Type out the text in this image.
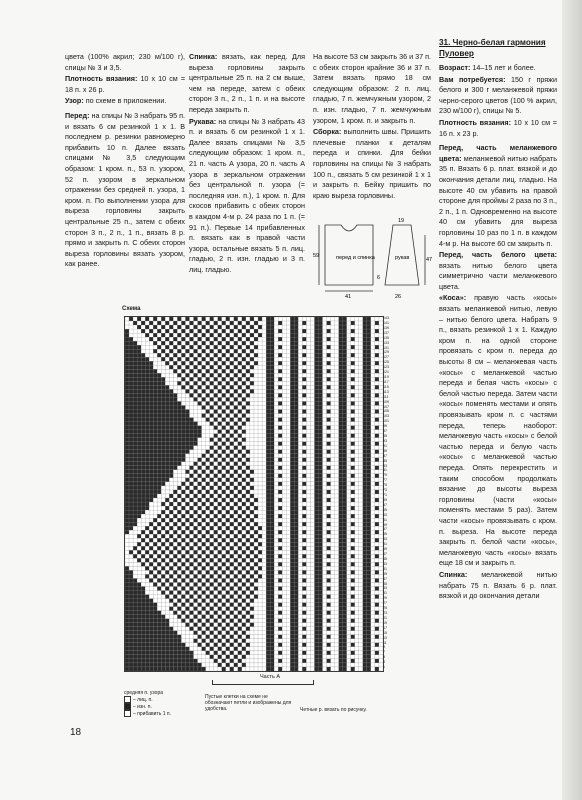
цвета (100% акрил; 230 м/100 г), спицы № 3 и 3,5.

Плотность вязания: 10 х 10 см = 18 п. х 26 р.

Узор: по схеме в приложении.

Перед: на спицы № 3 набрать 95 п. и вязать 6 см резинкой 1 х 1. В последнем р. резинки равномерно прибавить 10 п. Далее вязать спицами № 3,5 следующим образом: 1 кром. п., 53 п. узором, 52 п. узором в зеркальном отражении без средней п. узора, 1 кром. п. По выполнении узора для вырезa горловины закрыть центральные 25 п., затем с обеих сторон 3 п., 2 п., 1 п., вязать 8 р. прямо и закрыть п. С обеих сторон выреза горловины вязать узором, как ранее.

Спинка: вязать, как перед. Для выреза горловины закрыть центральные 25 п. на 2 см выше, чем на переде, затем с обеих сторон 3 п., 2 п., 1 п. и на высоте переда закрыть п.

Рукава: на спицы № 3 набрать 43 п. и вязать 6 см резинкой 1 х 1. Далее вязать спицами № 3,5 следующим образом: 1 кром. п., 21 п. часть А узора, 20 п. часть А узора в зеркальном отражении без центральной п. узора (= последняя изн. п.), 1 кром. п. Для скосов прибавить с обеих сторон в каждом 4-м р. 24 раза по 1 п. (= 91 п.). Первые 14 прибавленных п. вязать как в правой части узора, остальные вязать 5 п. лиц. гладью, 2 п. изн. гладью и 3 п. лиц. гладью.

На высоте 53 см закрыть 36 и 37 п. с обеих сторон крайние 36 и 37 п. Затем вязать прямо 18 см следующим образом: 2 п. лиц. гладью, 7 п. жемчужным узором, 2 п. изн. гладью, 7 п. жемчужным узором, 1 кром. п. и закрыть п.

Сборка: выполнить швы. Пришить плечевые планки к деталям переда и спинки. Для бейки горловины на спицы № 3 набрать 100 п., связать 5 см резинкой 1 х 1 и закрыть п. Бейку пришить по краю выреза горловины.

перед и спинка	рукав
59
41
19
6
47
26
31. Черно-белая гармония
Пуловер

Возраст: 14–15 лет и более.

Вам потребуется: 150 г пряжи белого и 300 г меланжевой пряжи черно-серого цветов (100 % акрил, 230 м/100 г), спицы № 5.

Плотность вязания: 10 х 10 см = 16 п. х 23 р.

Перед, часть меланжевого цвета: меланжевой нитью набрать 35 п. Вязать 6 р. плат. вязкой и до окончания детали лиц. гладью. На высоте 40 см убавить на правой стороне для проймы 2 раза по 3 п., 2 п., 1 п. Одновременно на высоте 40 см убавить для выреза горловины 10 раз по 1 п. в каждом 4-м р. На высоте 60 см закрыть п.

Перед, часть белого цвета: вязать нитью белого цвета симметрично части меланжевого цвета.

«Коса»: правую часть «косы» вязать меланжевой нитью, левую – нитью белого цвета. Набрать 9 п., вязать резинкой 1 х 1. Каждую кром п. на одной стороне провязать с кром п. переда до высоты 8 см – меланжевая часть «косы» с меланжевой частью переда и белая часть «косы» с белой частью переда. Затем части «косы» поменять местами и опять провязывать кром п. с частями переда, теперь наоборот: меланжевую часть «косы» с белой частью переда и белую часть «косы» с меланжевой частью переда. Опять перекрестить и таким способом продолжать вязание до высоты выреза горловины (части «косы» поменять местами 5 раз). Затем части «косы» провязывать с кром. п. выреза. На высоте переда закрыть п. белой части «косы», меланжевую часть «косы» вязать еще 18 см и закрыть п.

Спинка: меланжевой нитью набрать 75 п. Вязать 6 р. плат. вязкой и до окончания детали

Схема
1
3
5
7
9
11
13
15
17
19
21
23
25
27
29
31
33
35
37
39
41
43
45
47
49
51
53
55
57
59
61
63
65
67
69
71
73
75
77
79
81
83
85
87
89
91
93
95
97
99
101
103
105
107
109
111
113
115
117
119
121
123
125
127
129
131
133
135
137
139
141
143
Часть А
средняя п. узора
– лиц. п.
– изн. п.
– прибавить 1 п.
Пустые клетки на схеме не обозначают петли и изображены для удобства.	Четные р. вязать по рисунку.
18
